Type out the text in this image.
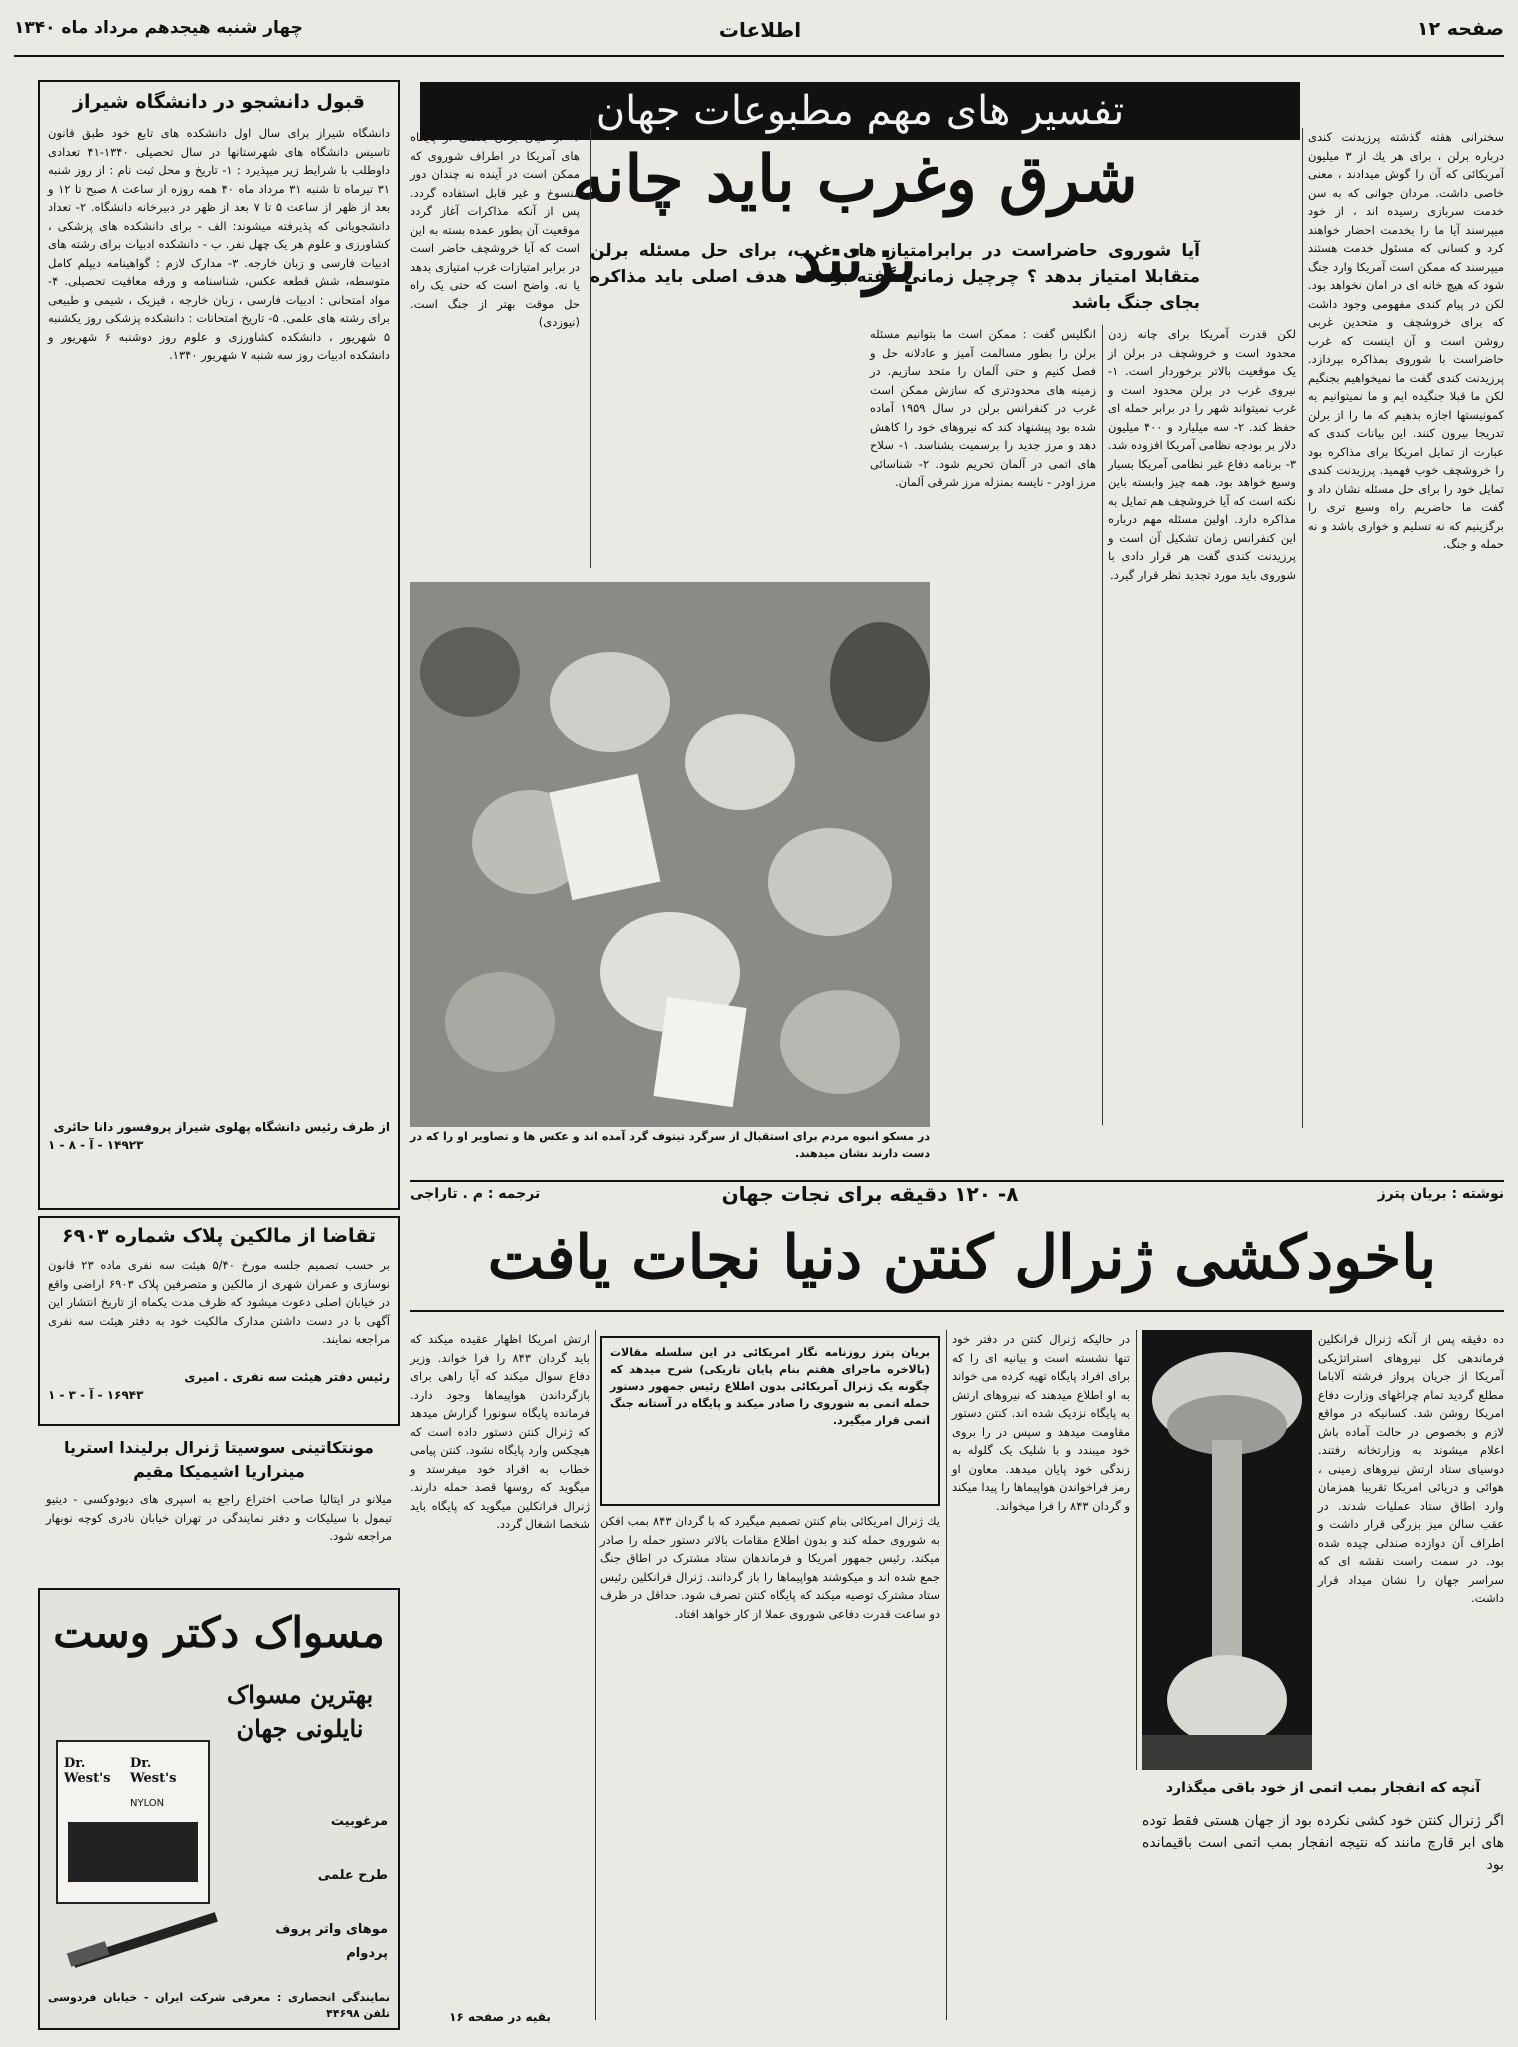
صفحه ۱۲
اطلاعات
چهار شنبه هیجدهم مرداد ماه ۱۳۴۰
تفسیر های مهم مطبوعات جهان
شرق وغرب باید چانه بزنند
آیا شوروی حاضراست در برابرامتیاز های غرب، برای حل مسئله برلن متقابلا امتیاز بدهد ؟ چرچیل زمانی گفته بود که هدف اصلی باید مذاکره بجای جنگ باشد
سخنرانی هفته گذشته پرزیدنت کندی درباره برلن ، برای هر یك از ۳ میلیون آمریکائی که آن را گوش میدادند ، معنی خاصی داشت. مردان جوانی که به سن خدمت سربازی رسیده اند ، از خود میپرسند آیا ما را بخدمت احضار خواهند کرد و کسانی که مسئول خدمت هستند میپرسند که ممکن است آمریکا وارد جنگ شود که هیچ خانه ای در امان نخواهد بود. لکن در پیام کندی مفهومی وجود داشت که برای خروشچف و متحدین غربی روشن است و آن اینست که غرب حاضراست با شوروی بمذاکره بپردازد. پرزیدنت کندی گفت ما نمیخواهیم بجنگیم لکن ما قبلا جنگیده ایم و ما نمیتوانیم به کمونیستها اجازه بدهیم که ما را از برلن تدریجا بیرون کنند. این بیانات کندی که عبارت از تمایل امریکا برای مذاکره بود را خروشچف خوب فهمید. پرزیدنت کندی تمایل خود را برای حل مسئله نشان داد و گفت ما حاضریم راه وسیع تری را برگزینیم که نه تسلیم و خواری باشد و نه حمله و جنگ.
لکن قدرت آمریکا برای چانه زدن محدود است و خروشچف در برلن از یک موقعیت بالاتر برخوردار است. ۱- نیروی غرب در برلن محدود است و غرب نمیتواند شهر را در برابر حمله ای حفظ کند. ۲- سه میلیارد و ۴۰۰ میلیون دلار بر بودجه نظامی آمریکا افزوده شد. ۳- برنامه دفاع غیر نظامی آمریکا بسیار وسیع خواهد بود. همه چیز وابسته باین نکته است که آیا خروشچف هم تمایل به مذاکره دارد. اولین مسئله مهم درباره این کنفرانس زمان تشکیل آن است و پرزیدنت کندی گفت هر قرار دادی با شوروی باید مورد تجدید نظر قرار گیرد.
انگلیس گفت : ممکن است ما بتوانیم مسئله برلن را بطور مسالمت آمیز و عادلانه حل و فصل کنیم و حتی آلمان را متحد سازیم. در زمینه های محدودتری که سازش ممکن است غرب در کنفرانس برلن در سال ۱۹۵۹ آماده شده بود پیشنهاد کند که نیروهای خود را کاهش دهد و مرز جدید را برسمیت بشناسد. ۱- سلاح های اتمی در آلمان تحریم شود. ۲- شناسائی مرز اودر - نایسه بمنزله مرز شرقی آلمان.
۴- از میان بردن بعضی از پایگاه های آمریکا در اطراف شوروی که ممکن است در آینده نه چندان دور منسوخ و غیر قابل استفاده گردد. پس از آنکه مذاکرات آغاز گردد موقعیت آن بطور عمده بسته به این است که آیا خروشچف حاضر است در برابر امتیازات غرب امتیازی بدهد یا نه. واضح است که حتی یک راه حل موقت بهتر از جنگ است. (نیوزدی)
در مسکو انبوه مردم برای استقبال از سرگرد تیتوف گرد آمده اند و عکس ها و تصاویر او را که در دست دارند نشان میدهند.
قبول دانشجو در دانشگاه شیراز
دانشگاه شیراز برای سال اول دانشکده های تابع خود طبق قانون تاسیس دانشگاه های شهرستانها در سال تحصیلی ۱۳۴۰-۴۱ تعدادی داوطلب با شرایط زیر میپذیرد : ۱- تاریخ و محل ثبت نام : از روز شنبه ۳۱ تیرماه تا شنبه ۳۱ مرداد ماه ۴۰ همه روزه از ساعت ۸ صبح تا ۱۲ و بعد از ظهر از ساعت ۵ تا ۷ بعد از ظهر در دبیرخانه دانشگاه. ۲- تعداد دانشجویانی که پذیرفته میشوند: الف - برای دانشکده های پزشکی ، کشاورزی و علوم هر یک چهل نفر. ب - دانشکده ادبیات برای رشته های ادبیات فارسی و زبان خارجه. ۳- مدارک لازم : گواهینامه دیپلم کامل متوسطه، شش قطعه عکس، شناسنامه و ورقه معافیت تحصیلی. ۴- مواد امتحانی : ادبیات فارسی ، زبان خارجه ، فیزیک ، شیمی و طبیعی برای رشته های علمی. ۵- تاریخ امتحانات : دانشکده پزشکی روز یکشنبه ۵ شهریور ، دانشکده کشاورزی و علوم روز دوشنبه ۶ شهریور و دانشکده ادبیات روز سه شنبه ۷ شهریور ۱۳۴۰.
از طرف رئیس دانشگاه پهلوی شیراز پروفسور دانا حائری
۱۴۹۲۳ - آ - ۸ - ۱
تقاضا از مالکین پلاک شماره ۶۹۰۳
بر حسب تصمیم جلسه مورخ ۵/۴۰ هیئت سه نفری ماده ۲۳ قانون نوسازی و عمران شهری از مالکین و متصرفین پلاک ۶۹۰۳ اراضی واقع در خیابان اصلی دعوت میشود که ظرف مدت یکماه از تاریخ انتشار این آگهی با در دست داشتن مدارک مالکیت خود به دفتر هیئت سه نفری مراجعه نمایند.
رئیس دفتر هیئت سه نفری . امیری
۱۶۹۴۳ - آ - ۳ - ۱
مونتکاتینی سوسیتا ژنرال برلیندا استریا مینراریا اشیمیکا مقیم
میلانو در ایتالیا صاحب اختراع راجع به اسپری های دیودوکسی - دیتیو تیمول با سیلیکات و دفتر نمایندگی در تهران خیابان نادری کوچه نوبهار مراجعه شود.
مسواک دکتر وست
بهترین مسواک نایلونی جهان
مرغوبیت
طرح علمی
موهای واتر پروف پردوام
Dr. West's
Dr. West's
NYLON
نمایندگی انحصاری : معرفی شرکت ایران - خیابان فردوسی تلفن ۴۴۶۹۸
نوشته : بریان پترز
۸- ۱۲۰ دقیقه برای نجات جهان
ترجمه : م . تاراجی
باخودکشی ژنرال کنتن دنیا نجات یافت
بریان پترز روزنامه نگار امریکائی در این سلسله مقالات (بالاخره ماجرای هفتم بنام پایان تاریکی) شرح میدهد که چگونه یک ژنرال آمریکائی بدون اطلاع رئیس جمهور دستور حمله اتمی به شوروی را صادر میکند و پایگاه در آستانه جنگ اتمی قرار میگیرد.
ارتش امریکا اظهار عقیده میکند که باید گردان ۸۴۳ را فرا خواند. وزیر دفاع سوال میکند که آیا راهی برای بازگرداندن هواپیماها وجود دارد. فرمانده پایگاه سونورا گزارش میدهد که ژنرال کنتن دستور داده است که هیچکس وارد پایگاه نشود. کنتن پیامی خطاب به افراد خود میفرستد و میگوید که روسها قصد حمله دارند. ژنرال فرانکلین میگوید که پایگاه باید شخصا اشغال گردد. یك ژنرال امریکائی بنام کنتن تصمیم میگیرد که با گردان ۸۴۳ بمب افکن به شوروی حمله کند و بدون اطلاع مقامات بالاتر دستور حمله را صادر میکند. رئیس جمهور امریکا و فرماندهان ستاد مشترک در اطاق جنگ جمع شده اند و میکوشند هواپیماها را باز گردانند. ژنرال فرانکلین رئیس ستاد مشترک توصیه میکند که پایگاه کنتن تصرف شود. حداقل در ظرف دو ساعت قدرت دفاعی شوروی عملا از کار خواهد افتاد.
بقیه در صفحه ۱۶
در حالیکه ژنرال کنتن در دفتر خود تنها نشسته است و بیانیه ای را که برای افراد پایگاه تهیه کرده می خواند به او اطلاع میدهند که نیروهای ارتش به پایگاه نزدیک شده اند. کنتن دستور مقاومت میدهد و سپس در را بروی خود میبندد و با شلیک یک گلوله به زندگی خود پایان میدهد. معاون او رمز فراخواندن هواپیماها را پیدا میکند و گردان ۸۴۳ را فرا میخواند.
ده دقیقه پس از آنکه ژنرال فرانکلین فرماندهی کل نیروهای استراتژیکی آمریکا از جریان پرواز فرشته آلاباما مطلع گردید تمام چراغهای وزارت دفاع امریکا روشن شد. کسانیکه در مواقع لازم و بخصوص در حالت آماده باش اعلام میشوند به وزارتخانه رفتند. دوسیای ستاد ارتش نیروهای زمینی ، هوائی و دریائی امریکا تقریبا همزمان وارد اطاق ستاد عملیات شدند. در عقب سالن میز بزرگی قرار داشت و اطراف آن دوازده صندلی چیده شده بود. در سمت راست نقشه ای که سراسر جهان را نشان میداد قرار داشت.
آنچه که انفجار بمب اتمی از خود باقی میگذارد
اگر ژنرال کنتن خود کشی نکرده بود از جهان هستی فقط توده های ابر قارچ مانند که نتیجه انفجار بمب اتمی است باقیمانده بود
